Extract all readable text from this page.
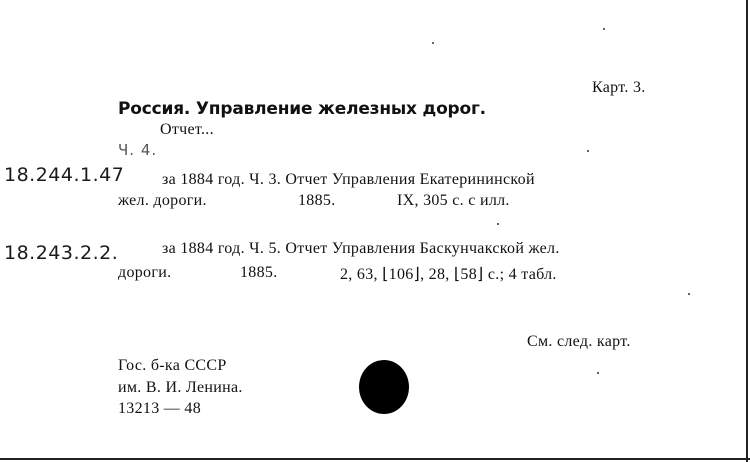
Карт. 3.
Россия. Управление железных дорог.
Отчет...
Ч. 4.
18.244.1.47 за 1884 год. Ч. 3. Отчет Управления Екатерининской
жел. дороги.	1885.	IX, 305 с. с илл.
18.243.2.2.	за 1884 год. Ч. 5. Отчет Управления Баскунчакской жел.
дороги.	1885.	2, 63, ⌊106⌋, 28, ⌊58⌋ с.; 4 табл.
См. след. карт.
Гос. б-ка СССР
им. В. И. Ленина.
13213 — 48
